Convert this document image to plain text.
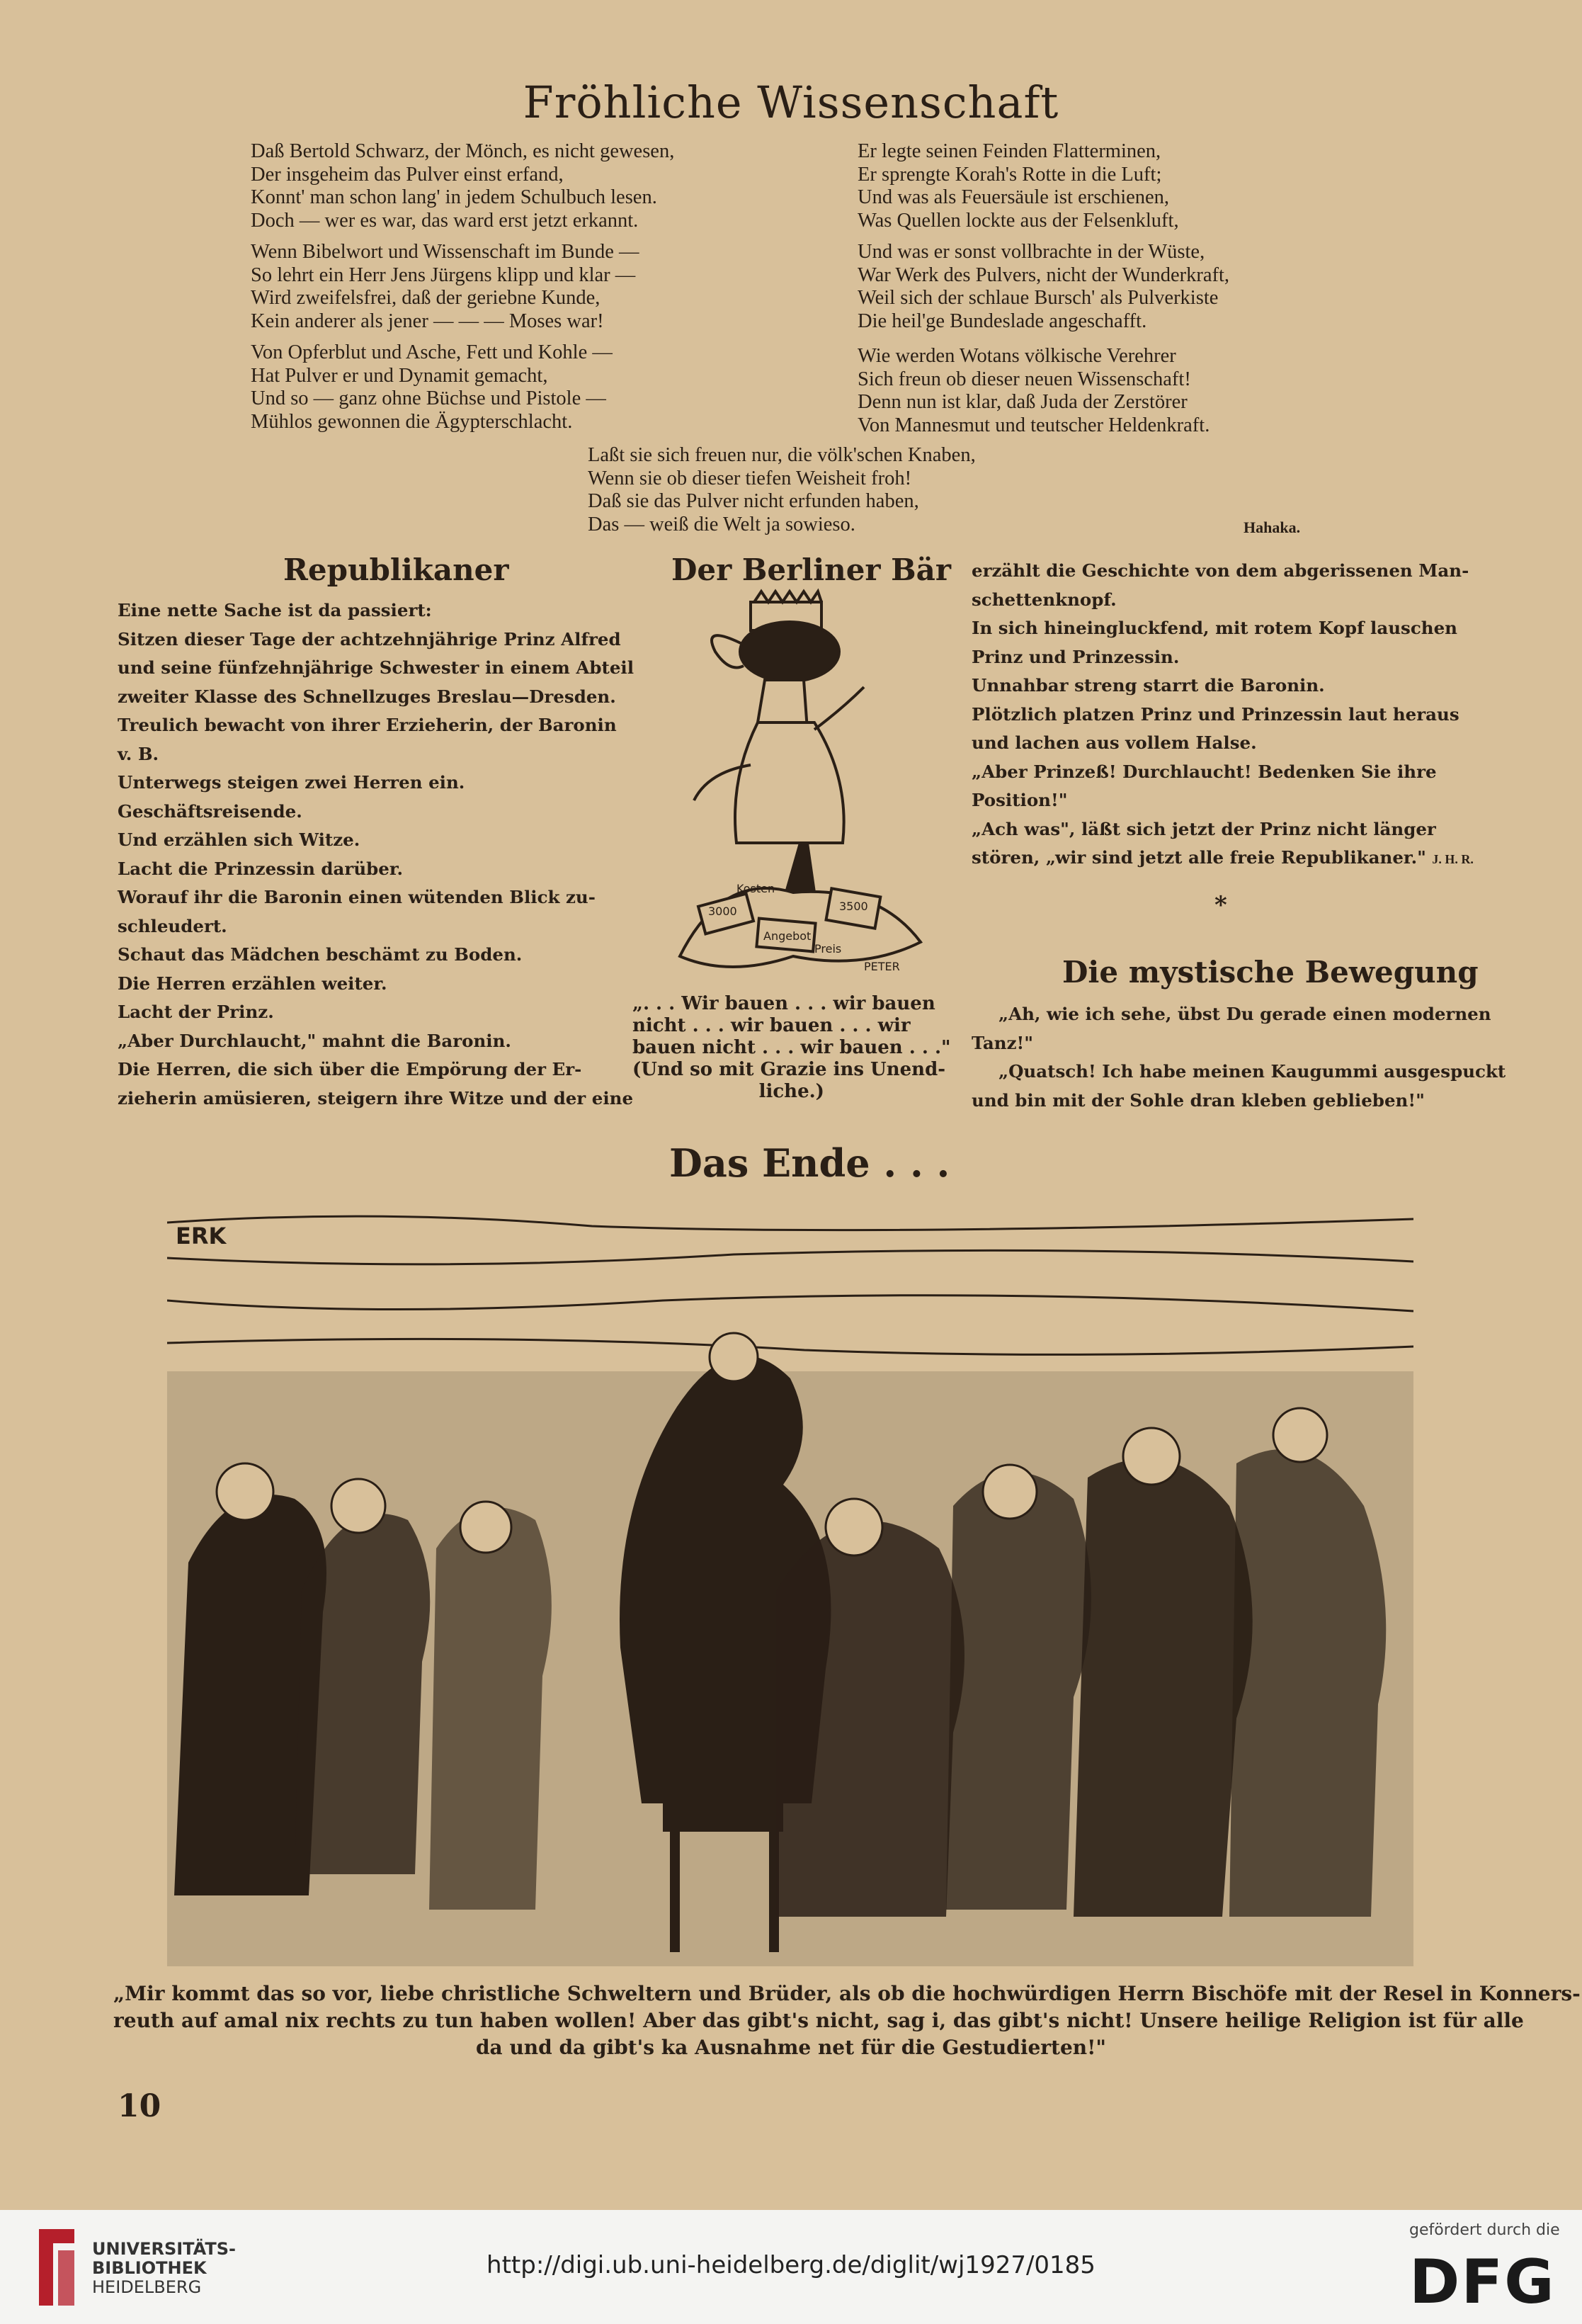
Fröhliche Wissenschaft
Daß Bertold Schwarz, der Mönch, es nicht gewesen,
Der insgeheim das Pulver einst erfand,
Konnt' man schon lang' in jedem Schulbuch lesen.
Doch — wer es war, das ward erst jetzt erkannt.
Wenn Bibelwort und Wissenschaft im Bunde —
So lehrt ein Herr Jens Jürgens klipp und klar —
Wird zweifelsfrei, daß der geriebne Kunde,
Kein anderer als jener — — — Moses war!
Von Opferblut und Asche, Fett und Kohle —
Hat Pulver er und Dynamit gemacht,
Und so — ganz ohne Büchse und Pistole —
Mühlos gewonnen die Ägypterschlacht.
Er legte seinen Feinden Flatterminen,
Er sprengte Korah's Rotte in die Luft;
Und was als Feuersäule ist erschienen,
Was Quellen lockte aus der Felsenkluft,
Und was er sonst vollbrachte in der Wüste,
War Werk des Pulvers, nicht der Wunderkraft,
Weil sich der schlaue Bursch' als Pulverkiste
Die heil'ge Bundeslade angeschafft.
Wie werden Wotans völkische Verehrer
Sich freun ob dieser neuen Wissenschaft!
Denn nun ist klar, daß Juda der Zerstörer
Von Mannesmut und teutscher Heldenkraft.
Laßt sie sich freuen nur, die völk'schen Knaben,
Wenn sie ob dieser tiefen Weisheit froh!
Daß sie das Pulver nicht erfunden haben,
Das — weiß die Welt ja sowieso.	Hahaka.
Republikaner
Eine nette Sache ist da passiert:
Sitzen dieser Tage der achtzehnjährige Prinz Alfred
und seine fünfzehnjährige Schwester in einem Abteil
zweiter Klasse des Schnellzuges Breslau—Dresden.
Treulich bewacht von ihrer Erzieherin, der Baronin
v. B.
Unterwegs steigen zwei Herren ein.
Geschäftsreisende.
Und erzählen sich Witze.
Lacht die Prinzessin darüber.
Worauf ihr die Baronin einen wütenden Blick zu-
schleudert.
Schaut das Mädchen beschämt zu Boden.
Die Herren erzählen weiter.
Lacht der Prinz.
„Aber Durchlaucht," mahnt die Baronin.
Die Herren, die sich über die Empörung der Er-
zieherin amüsieren, steigern ihre Witze und der eine
Der Berliner Bär
Angebot
3000	3500
Kosten
Preis
PETER
„. . . Wir bauen . . . wir bauen
nicht . . . wir bauen . . . wir
bauen nicht . . . wir bauen . . ."
(Und so mit Grazie ins Unend-
liche.)
erzählt die Geschichte von dem abgerissenen Man-
schettenknopf.
In sich hineingluckfend, mit rotem Kopf lauschen
Prinz und Prinzessin.
Unnahbar streng starrt die Baronin.
Plötzlich platzen Prinz und Prinzessin laut heraus
und lachen aus vollem Halse.
„Aber Prinzeß! Durchlaucht! Bedenken Sie ihre
Position!"
„Ach was", läßt sich jetzt der Prinz nicht länger
stören, „wir sind jetzt alle freie Republikaner." J. H. R.
*
Die mystische Bewegung
„Ah, wie ich sehe, übst Du gerade einen modernen
Tanz!"
„Quatsch! Ich habe meinen Kaugummi ausgespuckt
und bin mit der Sohle dran kleben geblieben!"
Das Ende . . .
ERK
„Mir kommt das so vor, liebe christliche Schweltern und Brüder, als ob die hochwürdigen Herrn Bischöfe mit der Resel in Konners-
reuth auf amal nix rechts zu tun haben wollen! Aber das gibt's nicht, sag i, das gibt's nicht! Unsere heilige Religion ist für alle
da und da gibt's ka Ausnahme net für die Gestudierten!"
10
UNIVERSITÄTS-
BIBLIOTHEK
HEIDELBERG
http://digi.ub.uni-heidelberg.de/diglit/wj1927/0185
gefördert durch die
DFG
